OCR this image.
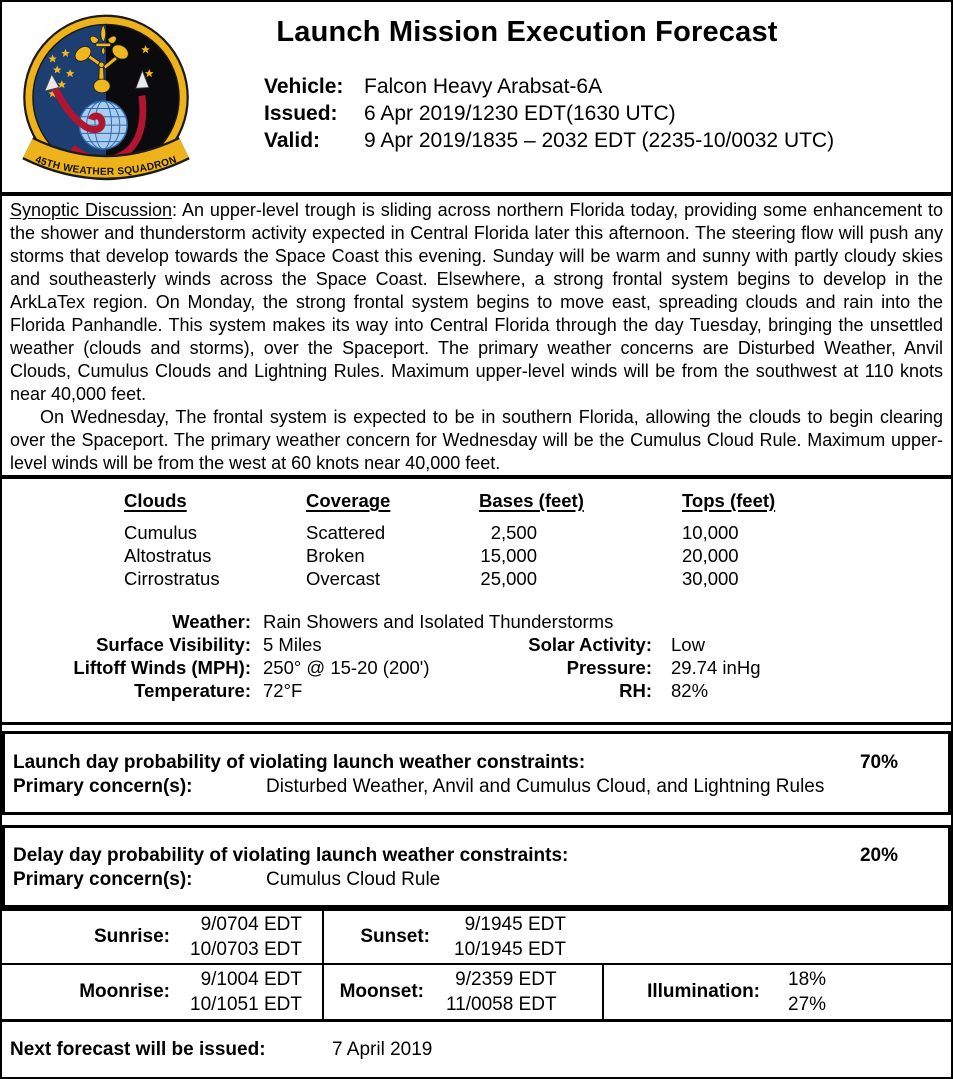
45TH WEATHER SQUADRON
Launch Mission Execution Forecast
Vehicle: Falcon Heavy Arabsat-6A
Issued:	6 Apr 2019/1230 EDT(1630 UTC)
Valid:	9 Apr 2019/1835 – 2032 EDT (2235-10/0032 UTC)

Synoptic Discussion: An upper-level trough is sliding across northern Florida today, providing some enhancement to the shower and thunderstorm activity expected in Central Florida later this afternoon. The steering flow will push any storms that develop towards the Space Coast this evening. Sunday will be warm and sunny with partly cloudy skies and southeasterly winds across the Space Coast. Elsewhere, a strong frontal system begins to develop in the ArkLaTex region. On Monday, the strong frontal system begins to move east, spreading clouds and rain into the Florida Panhandle. This system makes its way into Central Florida through the day Tuesday, bringing the unsettled weather (clouds and storms), over the Spaceport. The primary weather concerns are Disturbed Weather, Anvil Clouds, Cumulus Clouds and Lightning Rules. Maximum upper-level winds will be from the southwest at 110 knots near 40,000 feet.

On Wednesday, The frontal system is expected to be in southern Florida, allowing the clouds to begin clearing over the Spaceport. The primary weather concern for Wednesday will be the Cumulus Cloud Rule. Maximum upper-level winds will be from the west at 60 knots near 40,000 feet.

Clouds	Coverage	Bases (feet)	Tops (feet)
Cumulus	Scattered	2,500	10,000
Altostratus	Broken	15,000	20,000
Cirrostratus	Overcast	25,000	30,000
Weather: Rain Showers and Isolated Thunderstorms
Surface Visibility: 5 Miles	Solar Activity:	Low
Liftoff Winds (MPH): 250° @ 15-20 (200')	Pressure:	29.74 inHg
Temperature: 72°F	RH:	82%
Launch day probability of violating launch weather constraints:	70%
Primary concern(s):	Disturbed Weather, Anvil and Cumulus Cloud, and Lightning Rules
Delay day probability of violating launch weather constraints:	20%
Primary concern(s):	Cumulus Cloud Rule
Sunrise:
9/0704 EDT
10/0703 EDT
Sunset:
9/1945 EDT
10/1945 EDT
Moonrise:
9/1004 EDT
10/1051 EDT
Moonset:
9/2359 EDT
11/0058 EDT
Illumination:
18%
27%
Next forecast will be issued:	7 April 2019
